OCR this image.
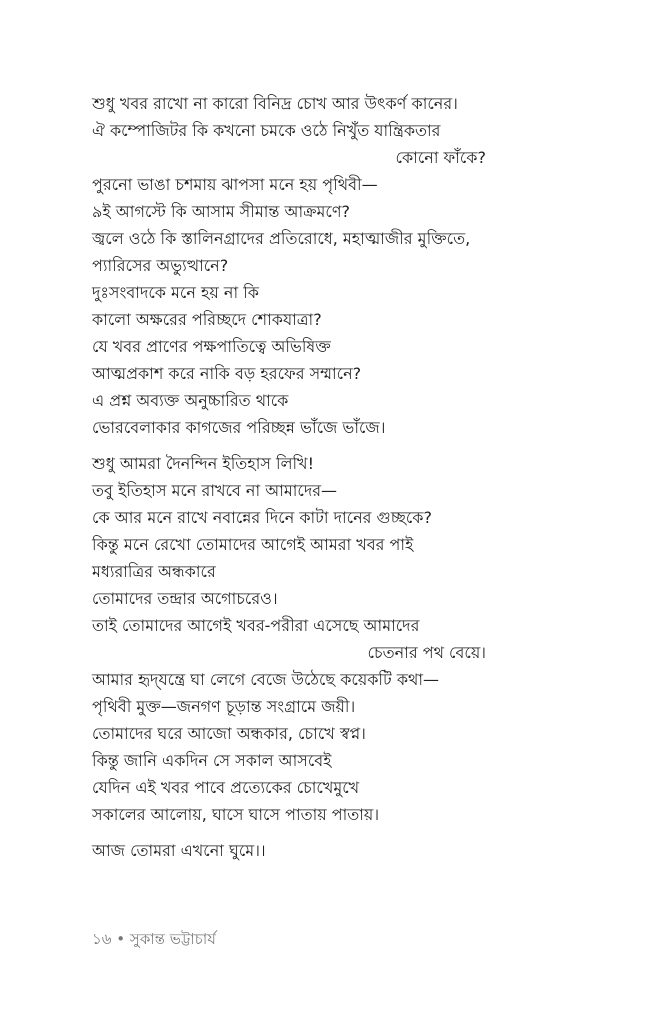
শুধু খবর রাখো না কারো বিনিদ্র চোখ আর উৎকর্ণ কানের।
ঐ কম্পোজিটর কি কখনো চমকে ওঠে নিখুঁত যান্ত্রিকতার
কোনো ফাঁকে?
পুরনো ভাঙা চশমায় ঝাপসা মনে হয় পৃথিবী—
৯ই আগস্টে কি আসাম সীমান্ত আক্রমণে?
জ্বলে ওঠে কি স্তালিনগ্রাদের প্রতিরোধে, মহাত্মাজীর মুক্তিতে,
প্যারিসের অভ্যুত্থানে?
দুঃসংবাদকে মনে হয় না কি
কালো অক্ষরের পরিচ্ছদে শোকযাত্রা?
যে খবর প্রাণের পক্ষপাতিত্বে অভিষিক্ত
আত্মপ্রকাশ করে নাকি বড় হরফের সম্মানে?
এ প্রশ্ন অব্যক্ত অনুচ্চারিত থাকে
ভোরবেলাকার কাগজের পরিচ্ছন্ন ভাঁজে ভাঁজে।
শুধু আমরা দৈনন্দিন ইতিহাস লিখি!
তবু ইতিহাস মনে রাখবে না আমাদের—
কে আর মনে রাখে নবান্নের দিনে কাটা দানের গুচ্ছকে?
কিন্তু মনে রেখো তোমাদের আগেই আমরা খবর পাই
মধ্যরাত্রির অন্ধকারে
তোমাদের তন্দ্রার অগোচরেও।
তাই তোমাদের আগেই খবর-পরীরা এসেছে আমাদের
চেতনার পথ বেয়ে।
আমার হৃদ্‌যন্ত্রে ঘা লেগে বেজে উঠেছে কয়েকটি কথা—
পৃথিবী মুক্ত—জনগণ চূড়ান্ত সংগ্রামে জয়ী।
তোমাদের ঘরে আজো অন্ধকার, চোখে স্বপ্ন।
কিন্তু জানি একদিন সে সকাল আসবেই
যেদিন এই খবর পাবে প্রত্যেকের চোখেমুখে
সকালের আলোয়, ঘাসে ঘাসে পাতায় পাতায়।
আজ তোমরা এখনো ঘুমে।।
১৬ • সুকান্ত ভট্টাচার্য
